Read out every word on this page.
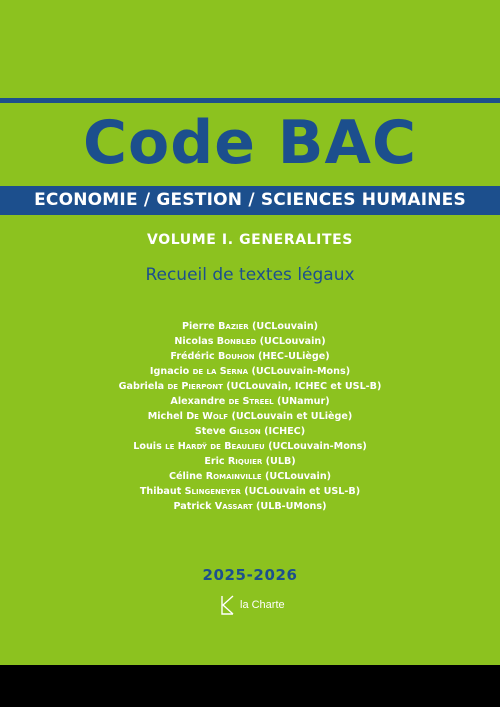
Code BAC
ECONOMIE / GESTION / SCIENCES HUMAINES
VOLUME I. GENERALITES
Recueil de textes légaux
Pierre Bazier (UCLouvain)
Nicolas Bonbled (UCLouvain)
Frédéric Bouhon (HEC-ULiège)
Ignacio de la Serna (UCLouvain-Mons)
Gabriela de Pierpont (UCLouvain, ICHEC et USL-B)
Alexandre de Streel (UNamur)
Michel De Wolf (UCLouvain et ULiège)
Steve Gilson (ICHEC)
Louis le Hardÿ de Beaulieu (UCLouvain-Mons)
Eric Riquier (ULB)
Céline Romainville (UCLouvain)
Thibaut Slingeneyer (UCLouvain et USL-B)
Patrick Vassart (ULB-UMons)
2025-2026
la Charte
